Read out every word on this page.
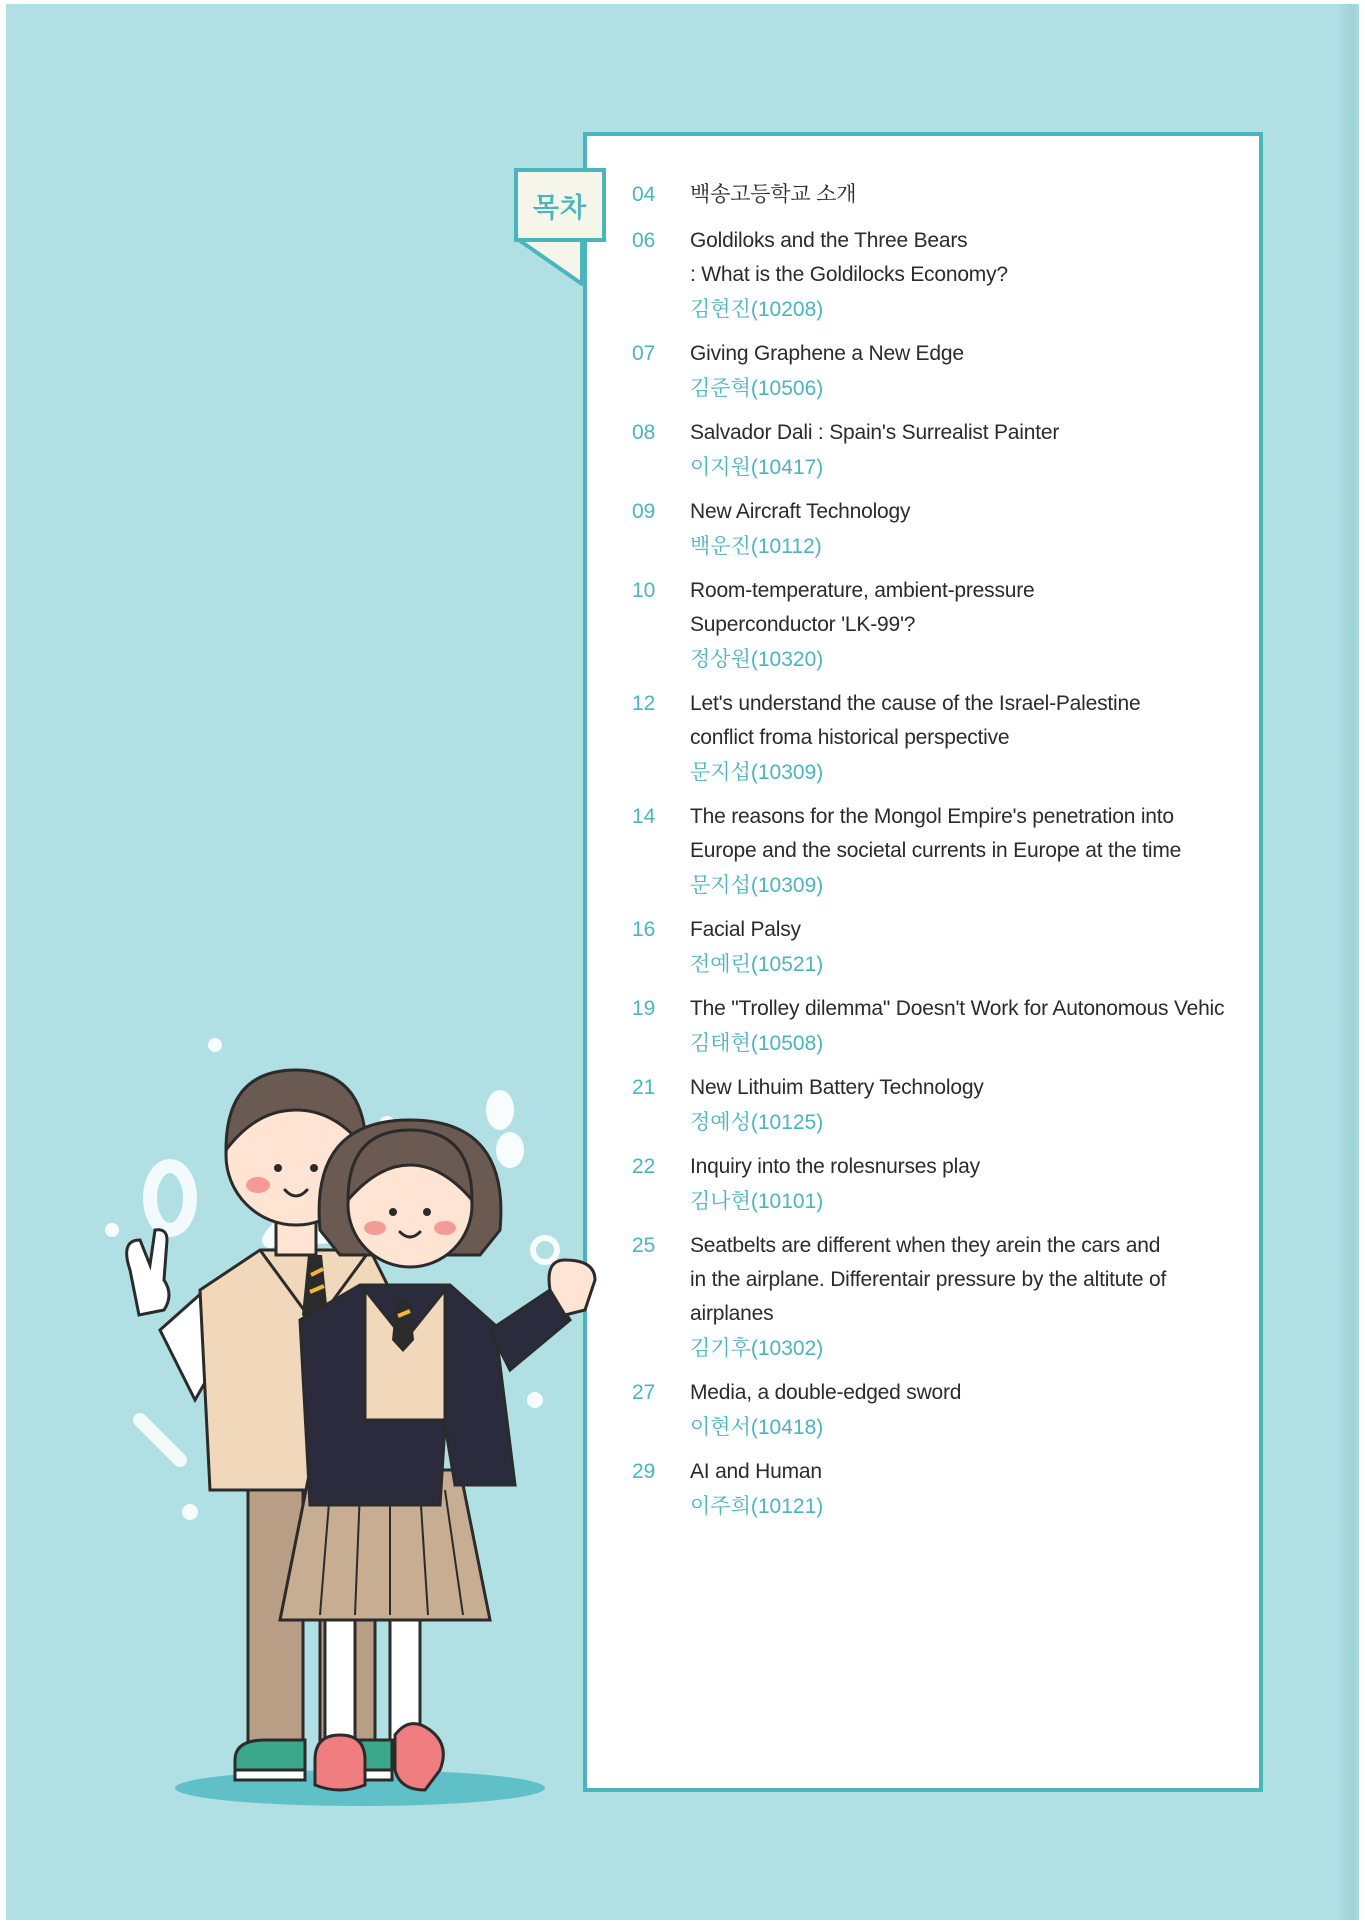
목차 04	백송고등학교 소개
06	Goldiloks and the Three Bears
: What is the Goldilocks Economy?
김현진(10208)
07	Giving Graphene a New Edge
김준혁(10506)
08	Salvador Dali : Spain's Surrealist Painter
이지원(10417)
09	New Aircraft Technology
백운진(10112)
10	Room-temperature, ambient-pressure
Superconductor 'LK-99'?
정상원(10320)
12	Let's understand the cause of the Israel-Palestine
conflict froma historical perspective
문지섭(10309)
14	The reasons for the Mongol Empire's penetration into
Europe and the societal currents in Europe at the time
문지섭(10309)
16	Facial Palsy
전예린(10521)
19	The "Trolley dilemma" Doesn't Work for Autonomous Vehic
김태현(10508)
21	New Lithuim Battery Technology
정예성(10125)
22	Inquiry into the rolesnurses play
김나현(10101)
25	Seatbelts are different when they arein the cars and
in the airplane. Differentair pressure by the altitute of
airplanes
김기후(10302)
27	Media, a double-edged sword
이현서(10418)
29	AI and Human
이주희(10121)
